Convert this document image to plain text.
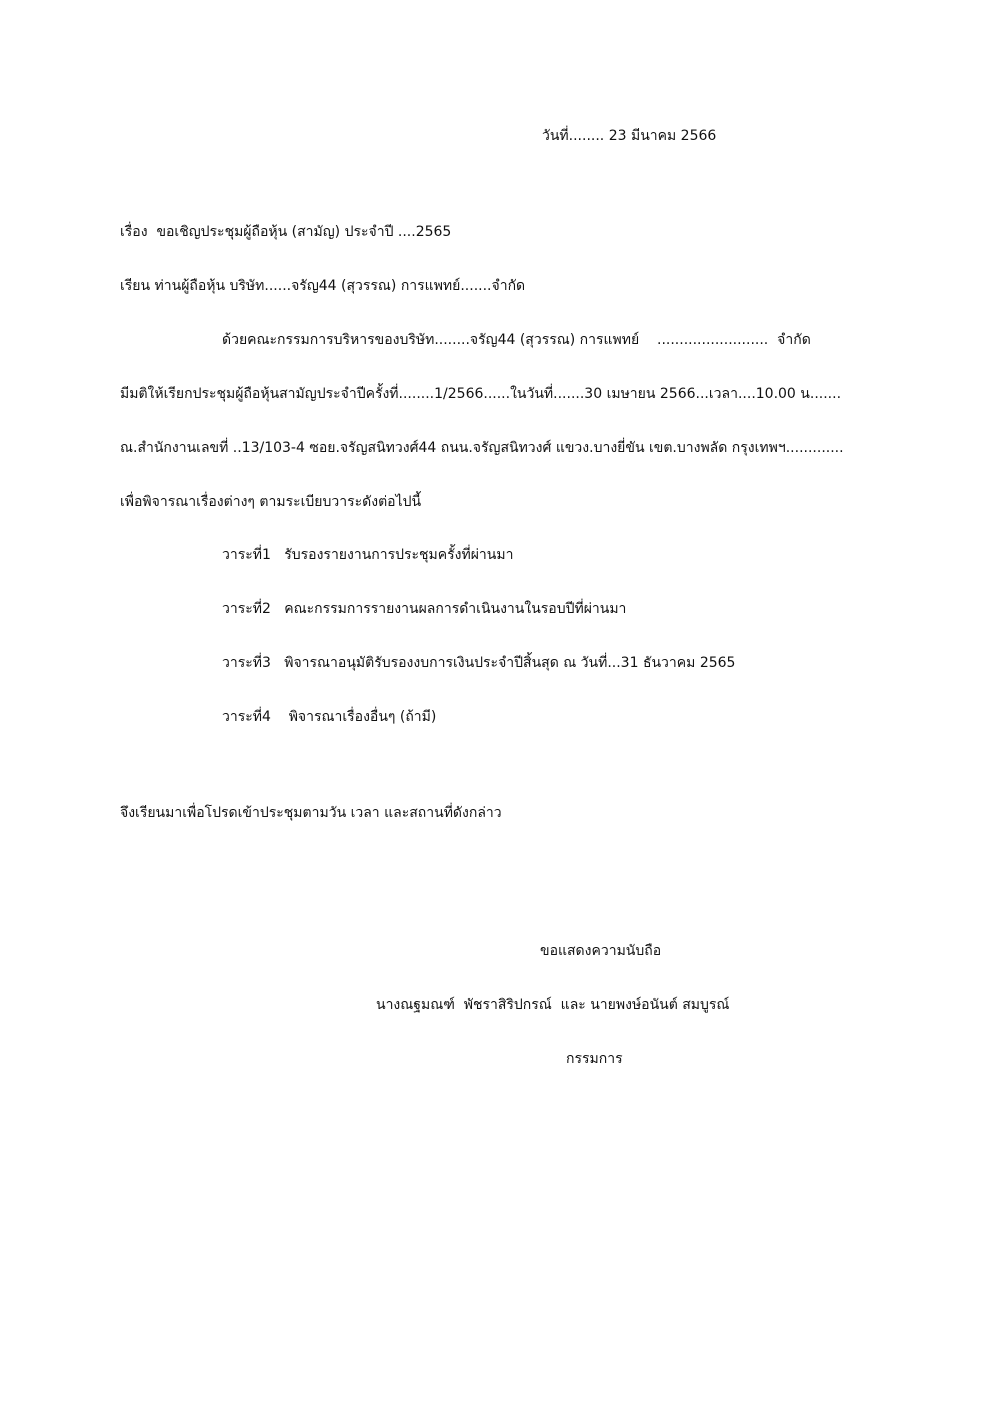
วันที่........ 23 มีนาคม 2566
เรื่อง  ขอเชิญประชุมผู้ถือหุ้น (สามัญ) ประจำปี ....2565
เรียน ท่านผู้ถือหุ้น บริษัท......จรัญ44 (สุวรรณ) การแพทย์.......จำกัด
ด้วยคณะกรรมการบริหารของบริษัท........จรัญ44 (สุวรรณ) การแพทย์    .........................  จำกัด
มีมติให้เรียกประชุมผู้ถือหุ้นสามัญประจำปีครั้งที่........1/2566......ในวันที่.......30 เมษายน 2566...เวลา....10.00 น.......
ณ.สำนักงานเลขที่ ..13/103-4 ซอย.จรัญสนิทวงศ์44 ถนน.จรัญสนิทวงศ์ แขวง.บางยี่ขัน เขต.บางพลัด กรุงเทพฯ.............
เพื่อพิจารณาเรื่องต่างๆ ตามระเบียบวาระดังต่อไปนี้
วาระที่1   รับรองรายงานการประชุมครั้งที่ผ่านมา
วาระที่2   คณะกรรมการรายงานผลการดำเนินงานในรอบปีที่ผ่านมา
วาระที่3   พิจารณาอนุมัติรับรองงบการเงินประจำปีสิ้นสุด ณ วันที่...31 ธันวาคม 2565
วาระที่4    พิจารณาเรื่องอื่นๆ (ถ้ามี)
จึงเรียนมาเพื่อโปรดเข้าประชุมตามวัน เวลา และสถานที่ดังกล่าว
ขอแสดงความนับถือ
นางณฐมณฑ์  พัชราสิริปกรณ์  และ นายพงษ์อนันต์ สมบูรณ์
กรรมการ
